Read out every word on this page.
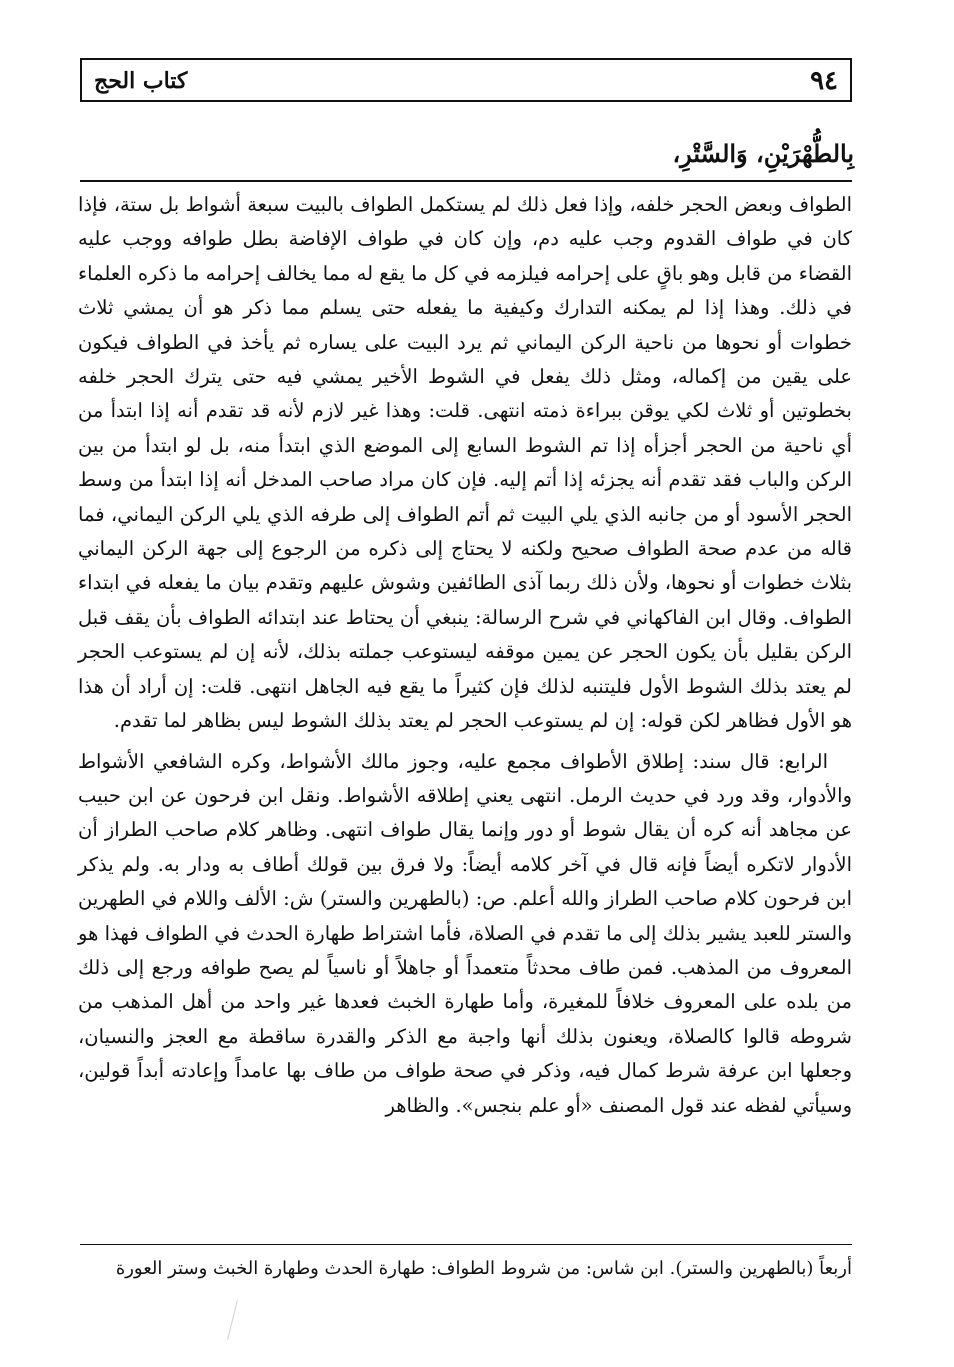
٩٤
كتاب الحج
بِالطُّهْرَيْنِ، وَالسَّتْرِ،

الطواف وبعض الحجر خلفه، وإذا فعل ذلك لم يستكمل الطواف بالبيت سبعة أشواط بل ستة، فإذا كان في طواف القدوم وجب عليه دم، وإن كان في طواف الإفاضة بطل طوافه ووجب عليه القضاء من قابل وهو باقٍ على إحرامه فيلزمه في كل ما يقع له مما يخالف إحرامه ما ذكره العلماء في ذلك. وهذا إذا لم يمكنه التدارك وكيفية ما يفعله حتى يسلم مما ذكر هو أن يمشي ثلاث خطوات أو نحوها من ناحية الركن اليماني ثم يرد البيت على يساره ثم يأخذ في الطواف فيكون على يقين من إكماله، ومثل ذلك يفعل في الشوط الأخير يمشي فيه حتى يترك الحجر خلفه بخطوتين أو ثلاث لكي يوقن ببراءة ذمته انتهى. قلت: وهذا غير لازم لأنه قد تقدم أنه إذا ابتدأ من أي ناحية من الحجر أجزأه إذا تم الشوط السابع إلى الموضع الذي ابتدأ منه، بل لو ابتدأ من بين الركن والباب فقد تقدم أنه يجزئه إذا أتم إليه. فإن كان مراد صاحب المدخل أنه إذا ابتدأ من وسط الحجر الأسود أو من جانبه الذي يلي البيت ثم أتم الطواف إلى طرفه الذي يلي الركن اليماني، فما قاله من عدم صحة الطواف صحيح ولكنه لا يحتاج إلى ذكره من الرجوع إلى جهة الركن اليماني بثلاث خطوات أو نحوها، ولأن ذلك ربما آذى الطائفين وشوش عليهم وتقدم بيان ما يفعله في ابتداء الطواف. وقال ابن الفاكهاني في شرح الرسالة: ينبغي أن يحتاط عند ابتدائه الطواف بأن يقف قبل الركن بقليل بأن يكون الحجر عن يمين موقفه ليستوعب جملته بذلك، لأنه إن لم يستوعب الحجر لم يعتد بذلك الشوط الأول فليتنبه لذلك فإن كثيراً ما يقع فيه الجاهل انتهى. قلت: إن أراد أن هذا هو الأول فظاهر لكن قوله: إن لم يستوعب الحجر لم يعتد بذلك الشوط ليس بظاهر لما تقدم.

الرابع: قال سند: إطلاق الأطواف مجمع عليه، وجوز مالك الأشواط، وكره الشافعي الأشواط والأدوار، وقد ورد في حديث الرمل. انتهى يعني إطلاقه الأشواط. ونقل ابن فرحون عن ابن حبيب عن مجاهد أنه كره أن يقال شوط أو دور وإنما يقال طواف انتهى. وظاهر كلام صاحب الطراز أن الأدوار لاتكره أيضاً فإنه قال في آخر كلامه أيضاً: ولا فرق بين قولك أطاف به ودار به. ولم يذكر ابن فرحون كلام صاحب الطراز والله أعلم. ص: (بالطهرين والستر) ش: الألف واللام في الطهرين والستر للعبد يشير بذلك إلى ما تقدم في الصلاة، فأما اشتراط طهارة الحدث في الطواف فهذا هو المعروف من المذهب. فمن طاف محدثاً متعمداً أو جاهلاً أو ناسياً لم يصح طوافه ورجع إلى ذلك من بلده على المعروف خلافاً للمغيرة، وأما طهارة الخبث فعدها غير واحد من أهل المذهب من شروطه قالوا كالصلاة، ويعنون بذلك أنها واجبة مع الذكر والقدرة ساقطة مع العجز والنسيان، وجعلها ابن عرفة شرط كمال فيه، وذكر في صحة طواف من طاف بها عامداً وإعادته أبداً قولين، وسيأتي لفظه عند قول المصنف «أو علم بنجس». والظاهر

أربعاً (بالطهرين والستر). ابن شاس: من شروط الطواف: طهارة الحدث وطهارة الخبث وستر العورة
